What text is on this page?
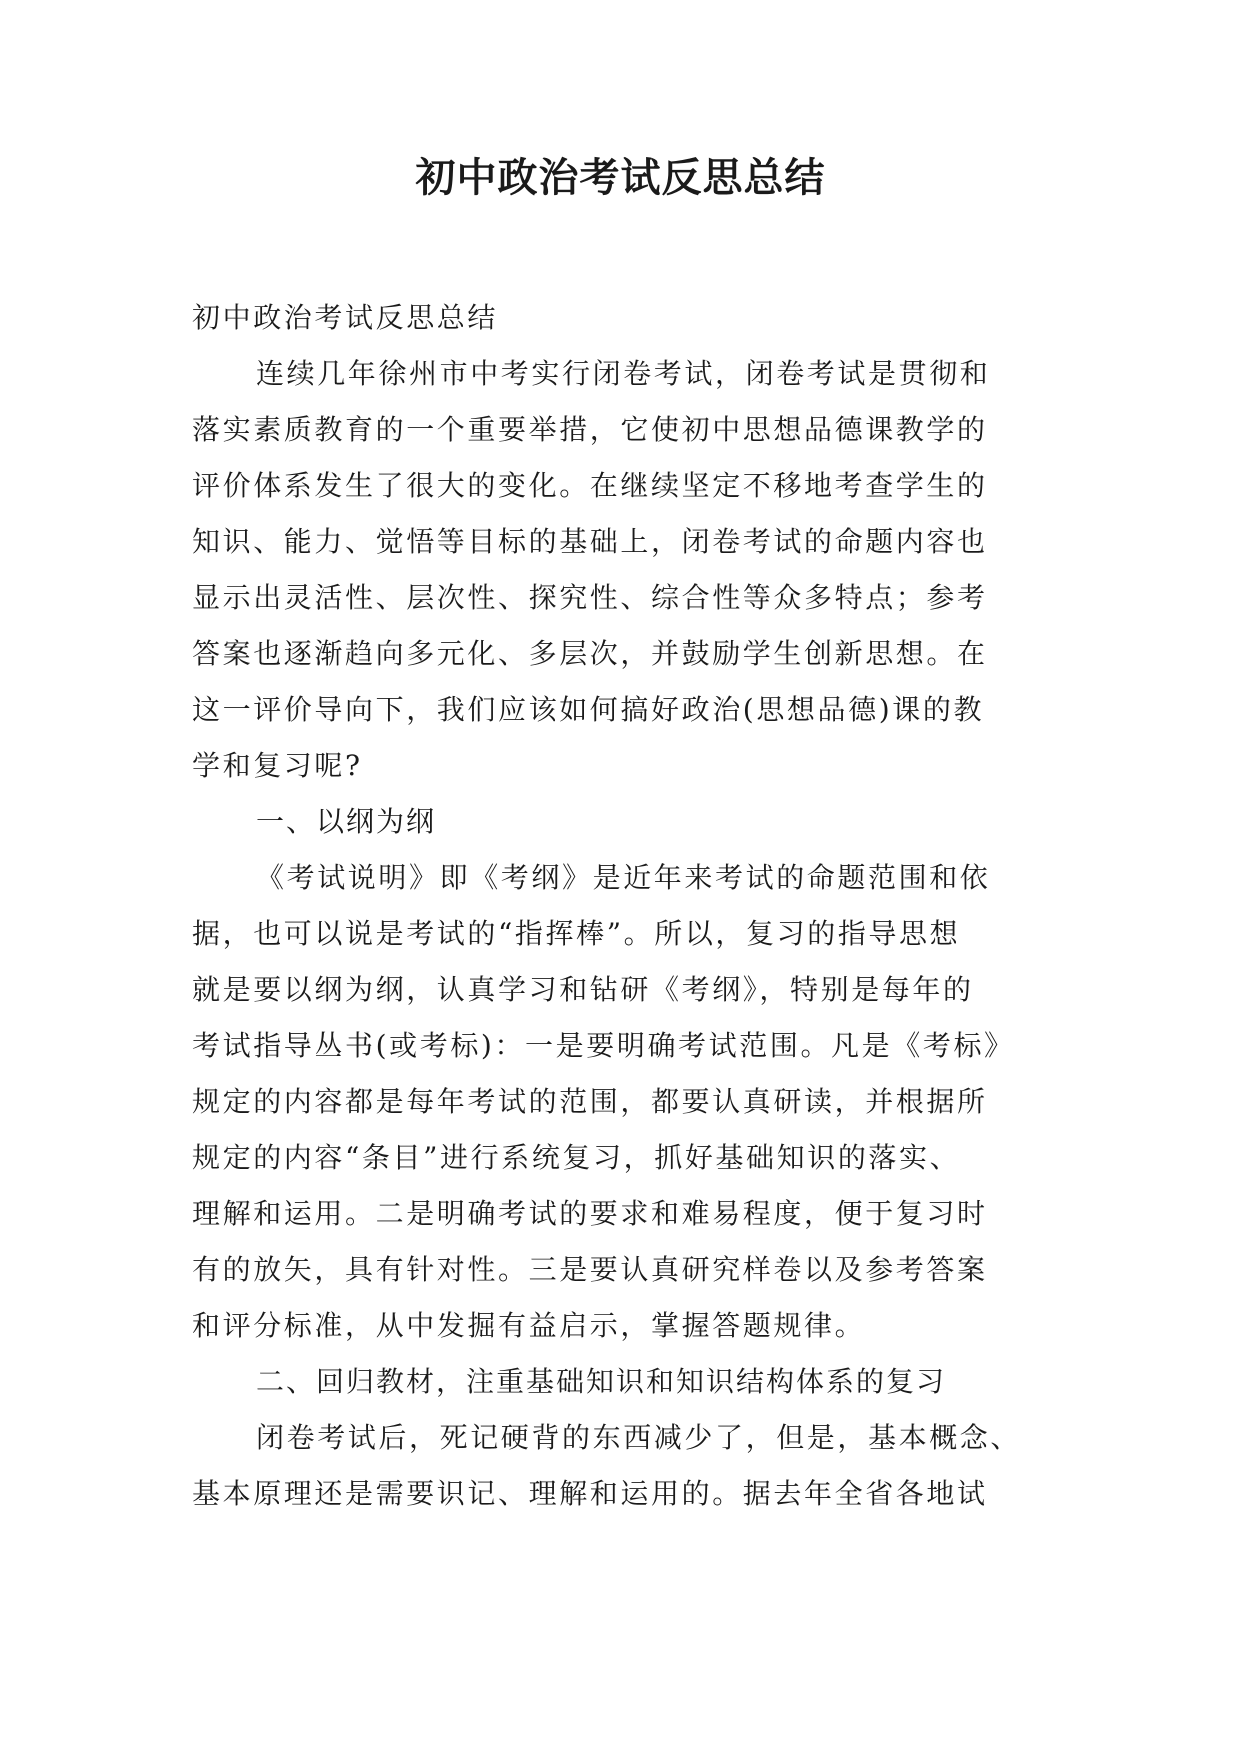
初中政治考试反思总结
初中政治考试反思总结
连续几年徐州市中考实行闭卷考试，闭卷考试是贯彻和
落实素质教育的一个重要举措，它使初中思想品德课教学的
评价体系发生了很大的变化。在继续坚定不移地考查学生的
知识、能力、觉悟等目标的基础上，闭卷考试的命题内容也
显示出灵活性、层次性、探究性、综合性等众多特点；参考
答案也逐渐趋向多元化、多层次，并鼓励学生创新思想。在
这一评价导向下，我们应该如何搞好政治(思想品德)课的教
学和复习呢?
一、以纲为纲
《考试说明》即《考纲》是近年来考试的命题范围和依
据，也可以说是考试的“指挥棒”。所以，复习的指导思想
就是要以纲为纲，认真学习和钻研《考纲》，特别是每年的
考试指导丛书(或考标)：一是要明确考试范围。凡是《考标》
规定的内容都是每年考试的范围，都要认真研读，并根据所
规定的内容“条目”进行系统复习，抓好基础知识的落实、
理解和运用。二是明确考试的要求和难易程度，便于复习时
有的放矢，具有针对性。三是要认真研究样卷以及参考答案
和评分标准，从中发掘有益启示，掌握答题规律。
二、回归教材，注重基础知识和知识结构体系的复习
闭卷考试后，死记硬背的东西减少了，但是，基本概念、
基本原理还是需要识记、理解和运用的。据去年全省各地试
